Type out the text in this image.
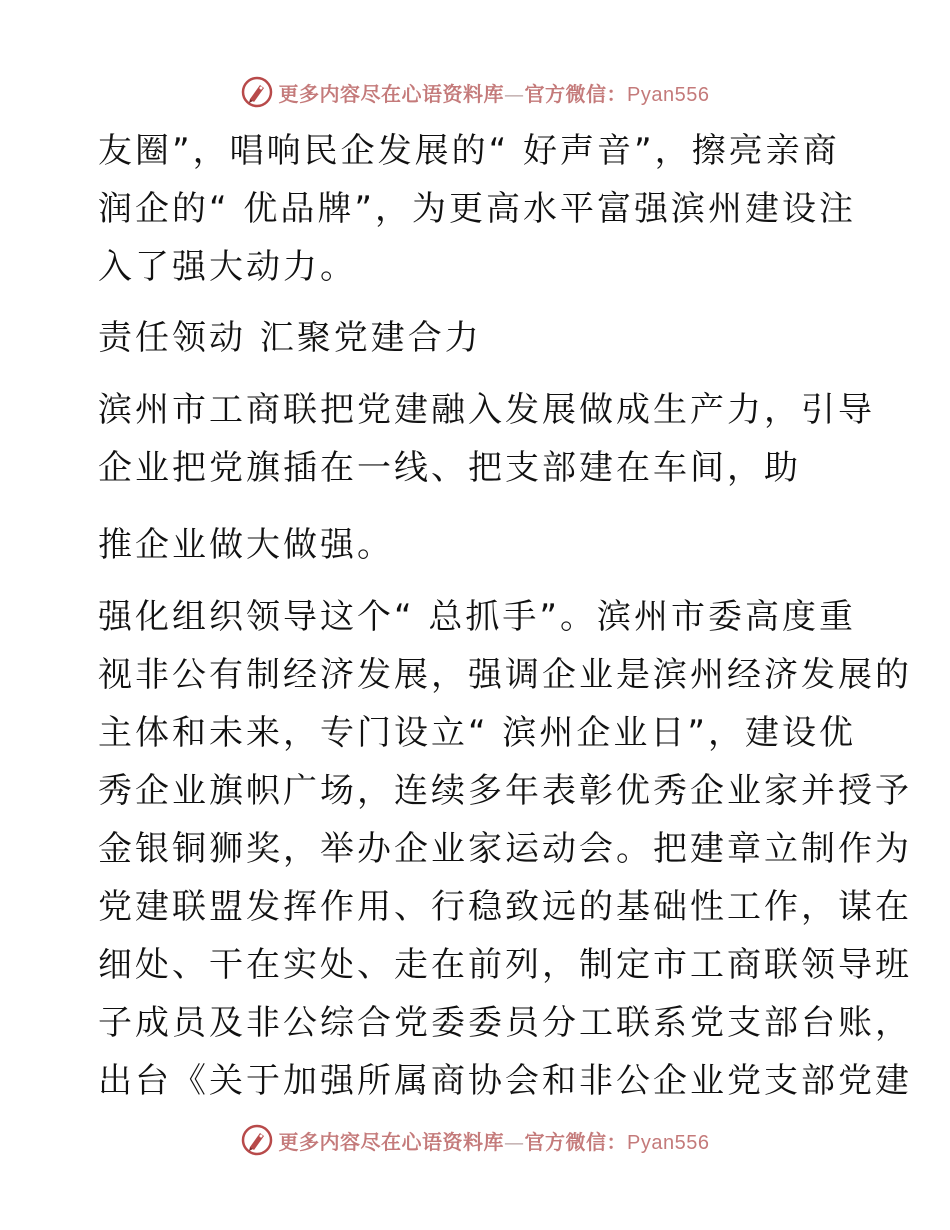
更多内容尽在心语资料库—官方微信：Pyan556
友圈”，唱响民企发展的“ 好声音”，擦亮亲商
润企的“ 优品牌”，为更高水平富强滨州建设注
入了强大动力。
责任领动 汇聚党建合力
滨州市工商联把党建融入发展做成生产力，引导
企业把党旗插在一线、把支部建在车间，助
推企业做大做强。
强化组织领导这个“ 总抓手”。滨州市委高度重
视非公有制经济发展，强调企业是滨州经济发展的
主体和未来，专门设立“ 滨州企业日”，建设优
秀企业旗帜广场，连续多年表彰优秀企业家并授予
金银铜狮奖，举办企业家运动会。把建章立制作为
党建联盟发挥作用、行稳致远的基础性工作，谋在
细处、干在实处、走在前列，制定市工商联领导班
子成员及非公综合党委委员分工联系党支部台账，
出台《关于加强所属商协会和非公企业党支部党建
更多内容尽在心语资料库—官方微信：Pyan556
